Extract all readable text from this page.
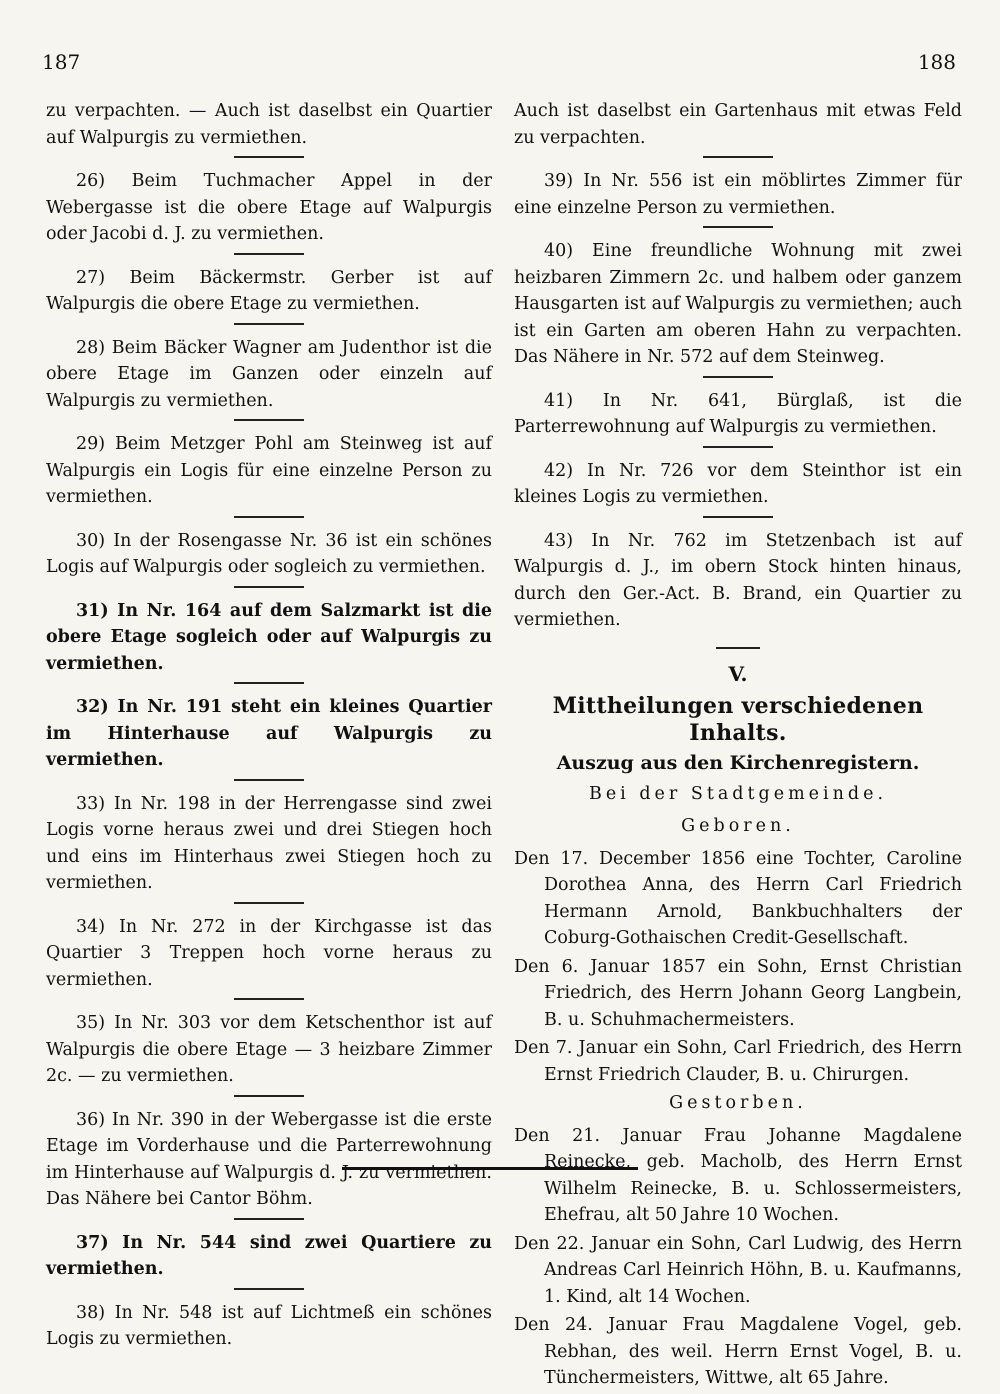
187	188

zu verpachten. — Auch ist daselbst ein Quartier auf Walpurgis zu vermiethen.

26) Beim Tuchmacher Appel in der Webergasse ist die obere Etage auf Walpurgis oder Jacobi d. J. zu vermiethen.

27) Beim Bäckermstr. Gerber ist auf Walpurgis die obere Etage zu vermiethen.

28) Beim Bäcker Wagner am Judenthor ist die obere Etage im Ganzen oder einzeln auf Walpurgis zu vermiethen.

29) Beim Metzger Pohl am Steinweg ist auf Walpurgis ein Logis für eine einzelne Person zu vermiethen.

30) In der Rosengasse Nr. 36 ist ein schönes Logis auf Walpurgis oder sogleich zu vermiethen.

31) In Nr. 164 auf dem Salzmarkt ist die obere Etage sogleich oder auf Walpurgis zu vermiethen.

32) In Nr. 191 steht ein kleines Quartier im Hinterhause auf Walpurgis zu vermiethen.

33) In Nr. 198 in der Herrengasse sind zwei Logis vorne heraus zwei und drei Stiegen hoch und eins im Hinterhaus zwei Stiegen hoch zu vermiethen.

34) In Nr. 272 in der Kirchgasse ist das Quartier 3 Treppen hoch vorne heraus zu vermiethen.

35) In Nr. 303 vor dem Ketschenthor ist auf Walpurgis die obere Etage — 3 heizbare Zimmer 2c. — zu vermiethen.

36) In Nr. 390 in der Webergasse ist die erste Etage im Vorderhause und die Parterrewohnung im Hinterhause auf Walpurgis d. J. zu vermiethen. Das Nähere bei Cantor Böhm.

37) In Nr. 544 sind zwei Quartiere zu vermiethen.

38) In Nr. 548 ist auf Lichtmeß ein schönes Logis zu vermiethen.

Auch ist daselbst ein Gartenhaus mit etwas Feld zu verpachten.

39) In Nr. 556 ist ein möblirtes Zimmer für eine einzelne Person zu vermiethen.

40) Eine freundliche Wohnung mit zwei heizbaren Zimmern 2c. und halbem oder ganzem Hausgarten ist auf Walpurgis zu vermiethen; auch ist ein Garten am oberen Hahn zu verpachten. Das Nähere in Nr. 572 auf dem Steinweg.

41) In Nr. 641, Bürglaß, ist die Parterrewohnung auf Walpurgis zu vermiethen.

42) In Nr. 726 vor dem Steinthor ist ein kleines Logis zu vermiethen.

43) In Nr. 762 im Stetzenbach ist auf Walpurgis d. J., im obern Stock hinten hinaus, durch den Ger.-Act. B. Brand, ein Quartier zu vermiethen.

V.
Mittheilungen verschiedenen Inhalts.
Auszug aus den Kirchenregistern.
Bei der Stadtgemeinde.
Geboren.

Den 17. December 1856 eine Tochter, Caroline Dorothea Anna, des Herrn Carl Friedrich Hermann Arnold, Bankbuchhalters der Coburg-Gothaischen Credit-Gesellschaft.

Den 6. Januar 1857 ein Sohn, Ernst Christian Friedrich, des Herrn Johann Georg Langbein, B. u. Schuhmachermeisters.

Den 7. Januar ein Sohn, Carl Friedrich, des Herrn Ernst Friedrich Clauder, B. u. Chirurgen.

Gestorben.

Den 21. Januar Frau Johanne Magdalene Reinecke, geb. Macholb, des Herrn Ernst Wilhelm Reinecke, B. u. Schlossermeisters, Ehefrau, alt 50 Jahre 10 Wochen.

Den 22. Januar ein Sohn, Carl Ludwig, des Herrn Andreas Carl Heinrich Höhn, B. u. Kaufmanns, 1. Kind, alt 14 Wochen.

Den 24. Januar Frau Magdalene Vogel, geb. Rebhan, des weil. Herrn Ernst Vogel, B. u. Tünchermeisters, Wittwe, alt 65 Jahre.
